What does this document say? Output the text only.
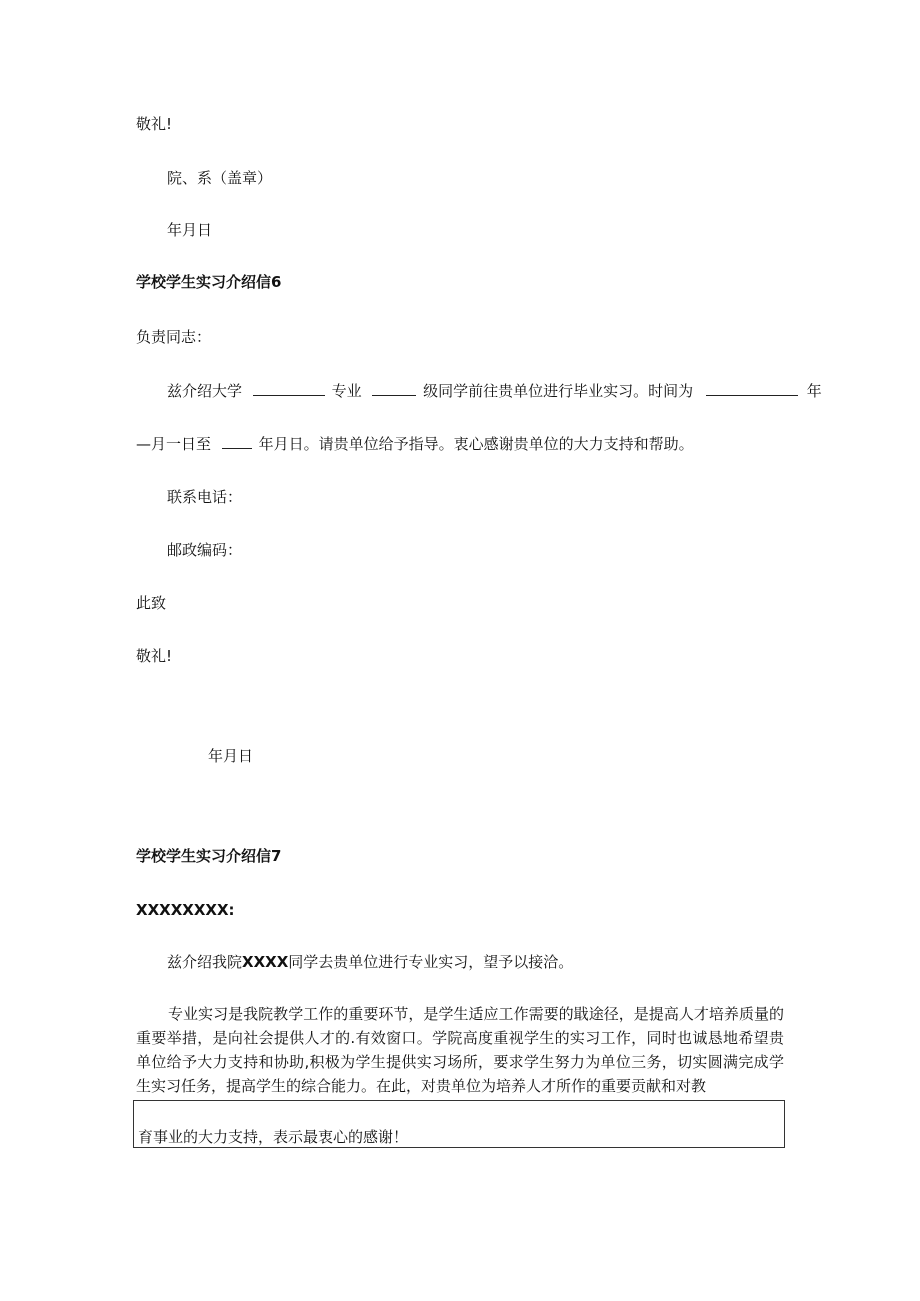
敬礼!
院、系（盖章）
年月日
学校学生实习介绍信6
负责同志：
兹介绍大学	专业	级同学前往贵单位进行毕业实习。时间为	年
—月一日至	年月日。请贵单位给予指导。衷心感谢贵单位的大力支持和帮助。
联系电话：
邮政编码：
此致
敬礼!
年月日
学校学生实习介绍信7
XXXXXXXX:
兹介绍我院XXXX同学去贵单位进行专业实习，望予以接洽。
专业实习是我院教学工作的重要环节，是学生适应工作需要的戢途径，是提高人才培养质量的重要举措，是向社会提供人才的.有效窗口。学院高度重视学生的实习工作，同时也诚恳地希望贵单位给予大力支持和协助,积极为学生提供实习场所，要求学生努力为单位三务，切实圆满完成学生实习任务，提高学生的综合能力。在此，对贵单位为培养人才所作的重要贡献和对教
育事业的大力支持，表示最衷心的感谢！
